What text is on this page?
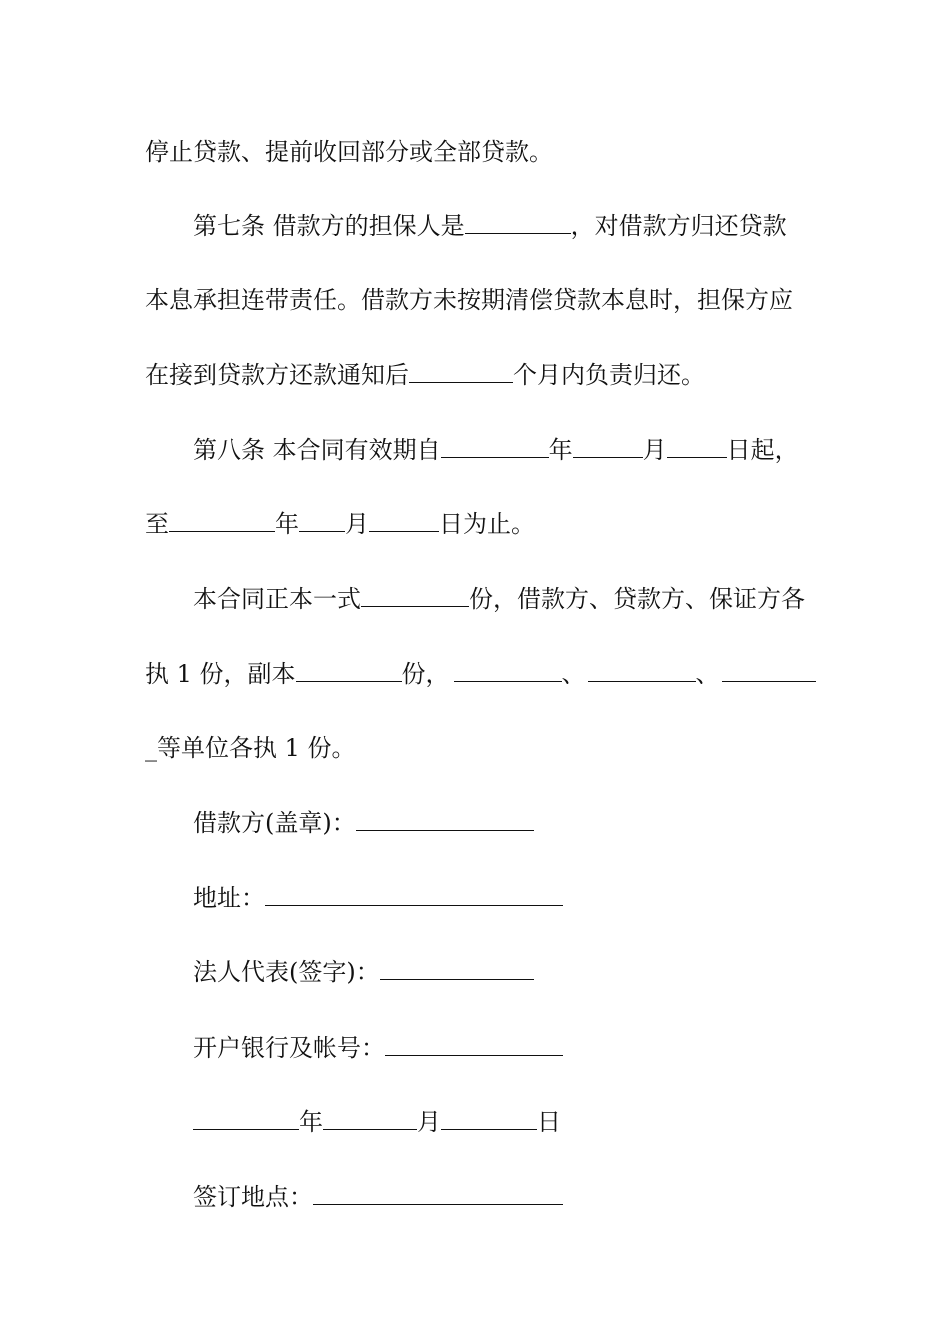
停止贷款、提前收回部分或全部贷款。
第七条 借款方的担保人是	，对借款方归还贷款
本息承担连带责任。借款方未按期清偿贷款本息时，担保方应
在接到贷款方还款通知后	个月内负责归还。
第八条 本合同有效期自	年	月	日起，
至	年 月	日为止。
本合同正本一式	份，借款方、贷款方、保证方各
执 1 份，副本	份，	、	、
_等单位各执 1 份。
借款方(盖章)：
地址：
法人代表(签字)：
开户银行及帐号：
年	月	日
签订地点：
